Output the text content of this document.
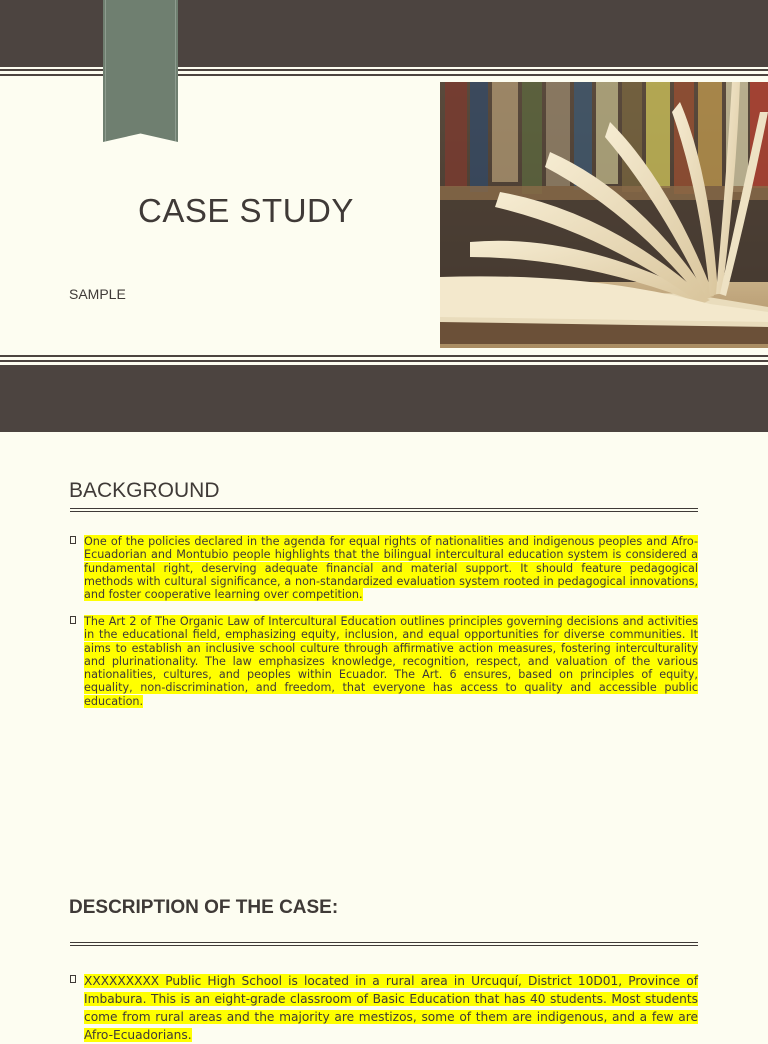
CASE STUDY
SAMPLE
BACKGROUND
One of the policies declared in the agenda for equal rights of nationalities and indigenous peoples and Afro-Ecuadorian and Montubio people highlights that the bilingual intercultural education system is considered a fundamental right, deserving adequate financial and material support. It should feature pedagogical methods with cultural significance, a non-standardized evaluation system rooted in pedagogical innovations, and foster cooperative learning over competition.
The Art 2 of The Organic Law of Intercultural Education outlines principles governing decisions and activities in the educational field, emphasizing equity, inclusion, and equal opportunities for diverse communities. It aims to establish an inclusive school culture through affirmative action measures, fostering interculturality and plurinationality. The law emphasizes knowledge, recognition, respect, and valuation of the various nationalities, cultures, and peoples within Ecuador. The Art. 6 ensures, based on principles of equity, equality, non-discrimination, and freedom, that everyone has access to quality and accessible public education.
DESCRIPTION OF THE CASE:
XXXXXXXXX Public High School is located in a rural area in Urcuquí, District 10D01, Province of Imbabura. This is an eight-grade classroom of Basic Education that has 40 students. Most students come from rural areas and the majority are mestizos, some of them are indigenous, and a few are Afro-Ecuadorians.
